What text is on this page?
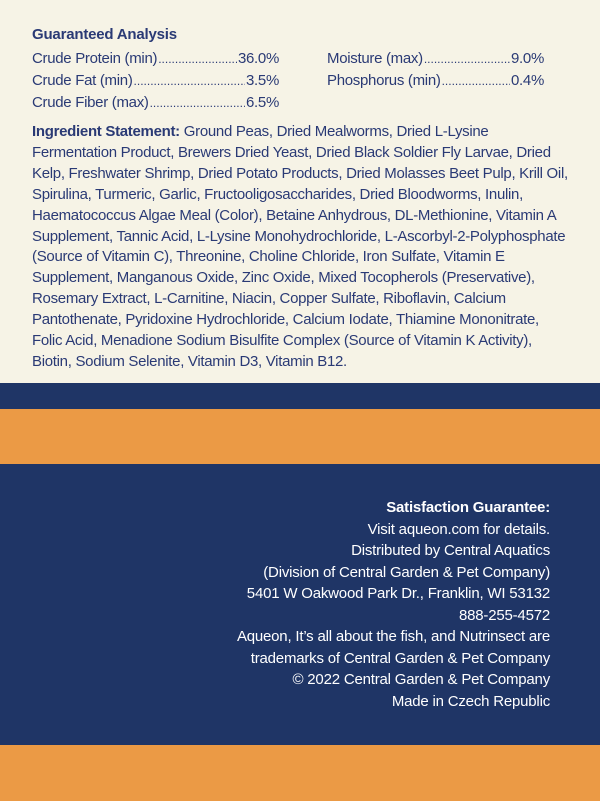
Guaranteed Analysis
Crude Protein (min) .....	36.0%
Crude Fat (min) .....	3.5%
Crude Fiber (max) .....	6.5%
Moisture (max) .....	9.0%
Phosphorus (min) .....	0.4%
Ingredient Statement: Ground Peas, Dried Mealworms, Dried L-Lysine Fermentation Product, Brewers Dried Yeast, Dried Black Soldier Fly Larvae, Dried Kelp, Freshwater Shrimp, Dried Potato Products, Dried Molasses Beet Pulp, Krill Oil, Spirulina, Turmeric, Garlic, Fructooligosaccharides, Dried Bloodworms, Inulin, Haematococcus Algae Meal (Color), Betaine Anhydrous, DL-Methionine, Vitamin A Supplement, Tannic Acid, L-Lysine Monohydrochloride, L-Ascorbyl-2-Polyphosphate (Source of Vitamin C), Threonine, Choline Chloride, Iron Sulfate, Vitamin E Supplement, Manganous Oxide, Zinc Oxide, Mixed Tocopherols (Preservative), Rosemary Extract, L-Carnitine, Niacin, Copper Sulfate, Riboflavin, Calcium Pantothenate, Pyridoxine Hydrochloride, Calcium Iodate, Thiamine Mononitrate, Folic Acid, Menadione Sodium Bisulfite Complex (Source of Vitamin K Activity), Biotin, Sodium Selenite, Vitamin D3, Vitamin B12.
Satisfaction Guarantee:
Visit aqueon.com for details.
Distributed by Central Aquatics
(Division of Central Garden & Pet Company)
5401 W Oakwood Park Dr., Franklin, WI 53132
888-255-4572
Aqueon, It’s all about the fish, and Nutrinsect are
trademarks of Central Garden & Pet Company
© 2022 Central Garden & Pet Company
Made in Czech Republic
